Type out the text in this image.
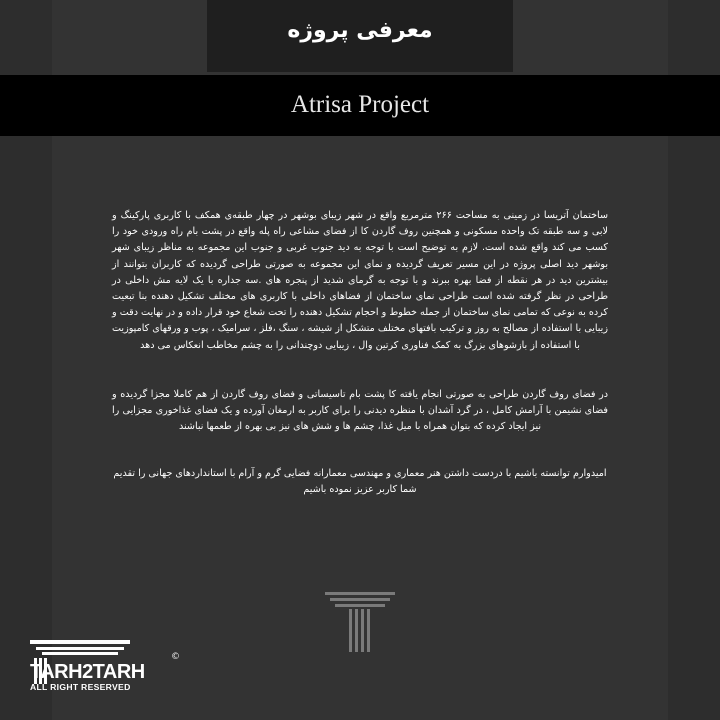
معرفی پروژه
Atrisa Project
ساختمان آتریسا در زمینی به مساحت ۲۶۶ مترمربع واقع در شهر زیبای بوشهر در چهار طبقه‌ی همکف با کاربری پارکینگ و لابی و سه طبقه تک واحده مسکونی و همچنین روف گاردن کا از فضای مشاعی راه پله واقع در پشت بام راه ورودی خود را کسب می کند واقع شده است. لازم به توضیح است با توجه به دید جنوب غربی و جنوب این مجموعه به مناظر زیبای شهر بوشهر دید اصلی پروژه در این مسیر تعریف گردیده و نمای این مجموعه به صورتی طراحی گردیده که کاربران بتوانند از بیشترین دید در هر نقطه از فضا بهره ببرند و با توجه به گرمای شدید از پنجره های .سه جداره با یک لایه مش داخلی در طراحی در نظر گرفته شده است طراحی نمای ساختمان از فضاهای داخلی با کاربری های مختلف تشکیل دهنده بنا تبعیت کرده به نوعی که تمامی نمای ساختمان از جمله خطوط و احجام تشکیل دهنده را تحت شعاع خود قرار داده و در نهایت دقت و زیبایی با استفاده از مصالح به روز و ترکیب بافتهای مختلف متشکل از شیشه ، سنگ ،فلز ، سرامیک ، پوب و ورقهای کامپوزیت با استفاده از بازشوهای بزرگ به کمک فناوری کرتین وال ، زیبایی دوچندانی را به چشم مخاطب انعکاس می دهد
در فضای روف گاردن طراحی به صورتی انجام یافته کا پشت بام تاسیساتی و فضای روف گاردن از هم کاملا مجزا گردیده و فضای نشیمن با آرامش کامل ، در گرد آشدان با منظره دیدنی را برای کاربر به ارمغان آورده و یک فضای غذاخوری مجزایی را نیز ایجاد کرده که بتوان همراه با میل غذا، چشم ها و شش های نیز بی بهره از طعمها نباشند
امیدوارم توانسته باشیم با دردست داشتن هنر معماری و مهندسی معمارانه فضایی گرم و آرام با استانداردهای جهانی را تقدیم شما کاربر عزیز نموده باشیم
TARH2TARH
ALL RIGHT RESERVED
©
